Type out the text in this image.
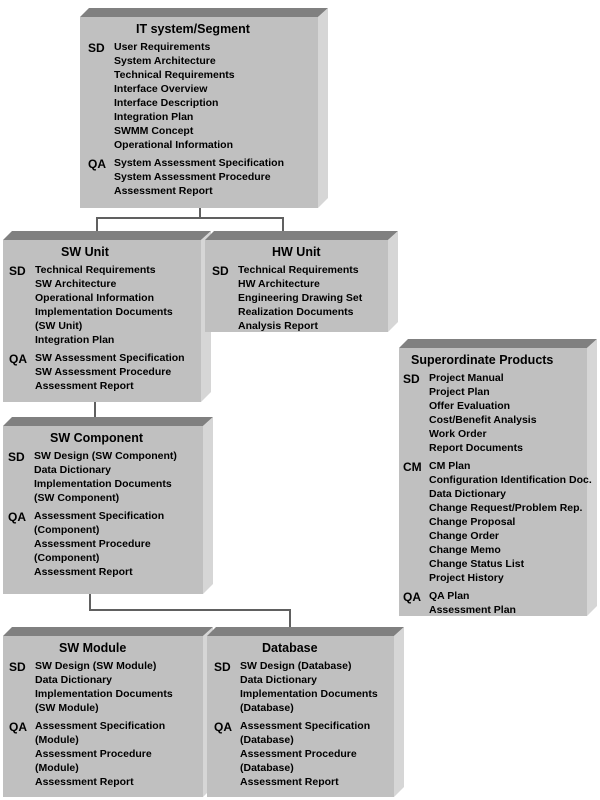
IT system/Segment
SD User Requirements
System Architecture
Technical Requirements
Interface Overview
Interface Description
Integration Plan
SWMM Concept
Operational Information
QA System Assessment Specification
System Assessment Procedure
Assessment Report
SW Unit
SD Technical Requirements
SW Architecture
Operational Information
Implementation Documents
(SW Unit)
Integration Plan
QA SW Assessment Specification
SW Assessment Procedure
Assessment Report
HW Unit
SD Technical Requirements
HW Architecture
Engineering Drawing Set
Realization Documents
Analysis Report
Superordinate Products
SD Project Manual
Project Plan
Offer Evaluation
Cost/Benefit Analysis
Work Order
Report Documents
CM CM Plan
Configuration Identification Doc.
Data Dictionary
Change Request/Problem Rep.
Change Proposal
Change Order
Change Memo
Change Status List
Project History
QA QA Plan
Assessment Plan
SW Component
SD SW Design (SW Component)
Data Dictionary
Implementation Documents
(SW Component)
QA Assessment Specification
(Component)
Assessment Procedure
(Component)
Assessment Report
SW Module
SD SW Design (SW Module)
Data Dictionary
Implementation Documents
(SW Module)
QA Assessment Specification
(Module)
Assessment Procedure
(Module)
Assessment Report
Database
SD SW Design (Database)
Data Dictionary
Implementation Documents
(Database)
QA Assessment Specification
(Database)
Assessment Procedure
(Database)
Assessment Report
